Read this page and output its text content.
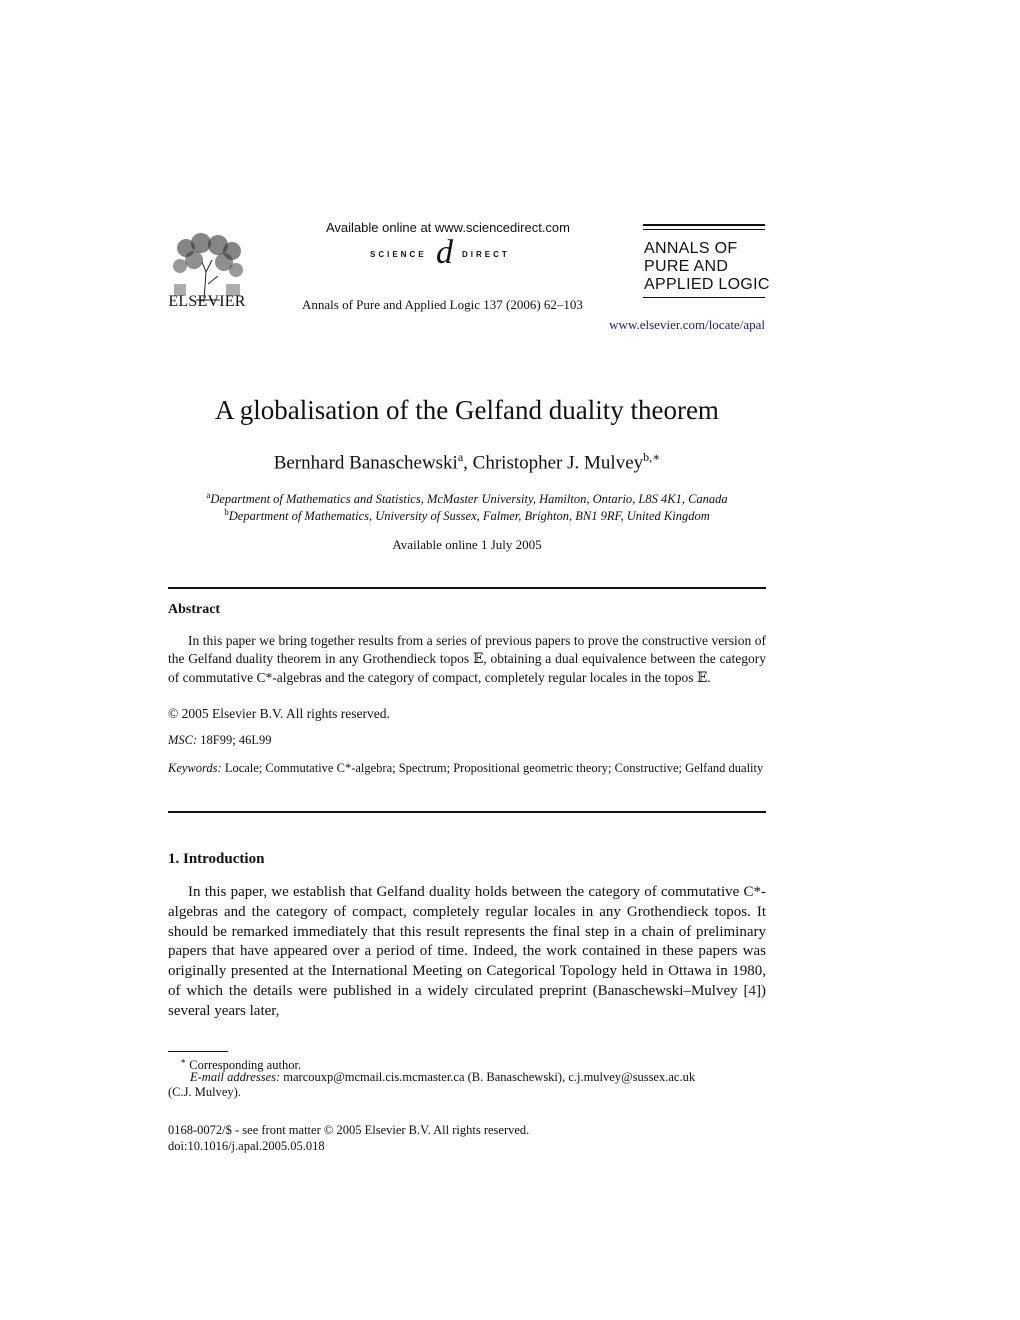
ELSEVIER
Available online at www.sciencedirect.com
SCIENCE d DIRECT
Annals of Pure and Applied Logic 137 (2006) 62–103
ANNALS OF
PURE AND
APPLIED LOGIC
www.elsevier.com/locate/apal
A globalisation of the Gelfand duality theorem
Bernhard Banaschewski$^a$, Christopher J. Mulvey$^{b,∗}$
$^a$Department of Mathematics and Statistics, McMaster University, Hamilton, Ontario, L8S 4K1, Canada
$^b$Department of Mathematics, University of Sussex, Falmer, Brighton, BN1 9RF, United Kingdom
Available online 1 July 2005
Abstract

In this paper we bring together results from a series of previous papers to prove the constructive version of the Gelfand duality theorem in any Grothendieck topos 𝔼, obtaining a dual equivalence between the category of commutative C*-algebras and the category of compact, completely regular locales in the topos 𝔼.

© 2005 Elsevier B.V. All rights reserved.
MSC: 18F99; 46L99
Keywords: Locale; Commutative C*-algebra; Spectrum; Propositional geometric theory; Constructive; Gelfand duality
1. Introduction

In this paper, we establish that Gelfand duality holds between the category of commutative C*-algebras and the category of compact, completely regular locales in any Grothendieck topos. It should be remarked immediately that this result represents the final step in a chain of preliminary papers that have appeared over a period of time. Indeed, the work contained in these papers was originally presented at the International Meeting on Categorical Topology held in Ottawa in 1980, of which the details were published in a widely circulated preprint (Banaschewski–Mulvey [4]) several years later,

∗ Corresponding author.
E-mail addresses: marcouxp@mcmail.cis.mcmaster.ca (B. Banaschewski), c.j.mulvey@sussex.ac.uk
(C.J. Mulvey).
0168-0072/$ - see front matter © 2005 Elsevier B.V. All rights reserved.
doi:10.1016/j.apal.2005.05.018
